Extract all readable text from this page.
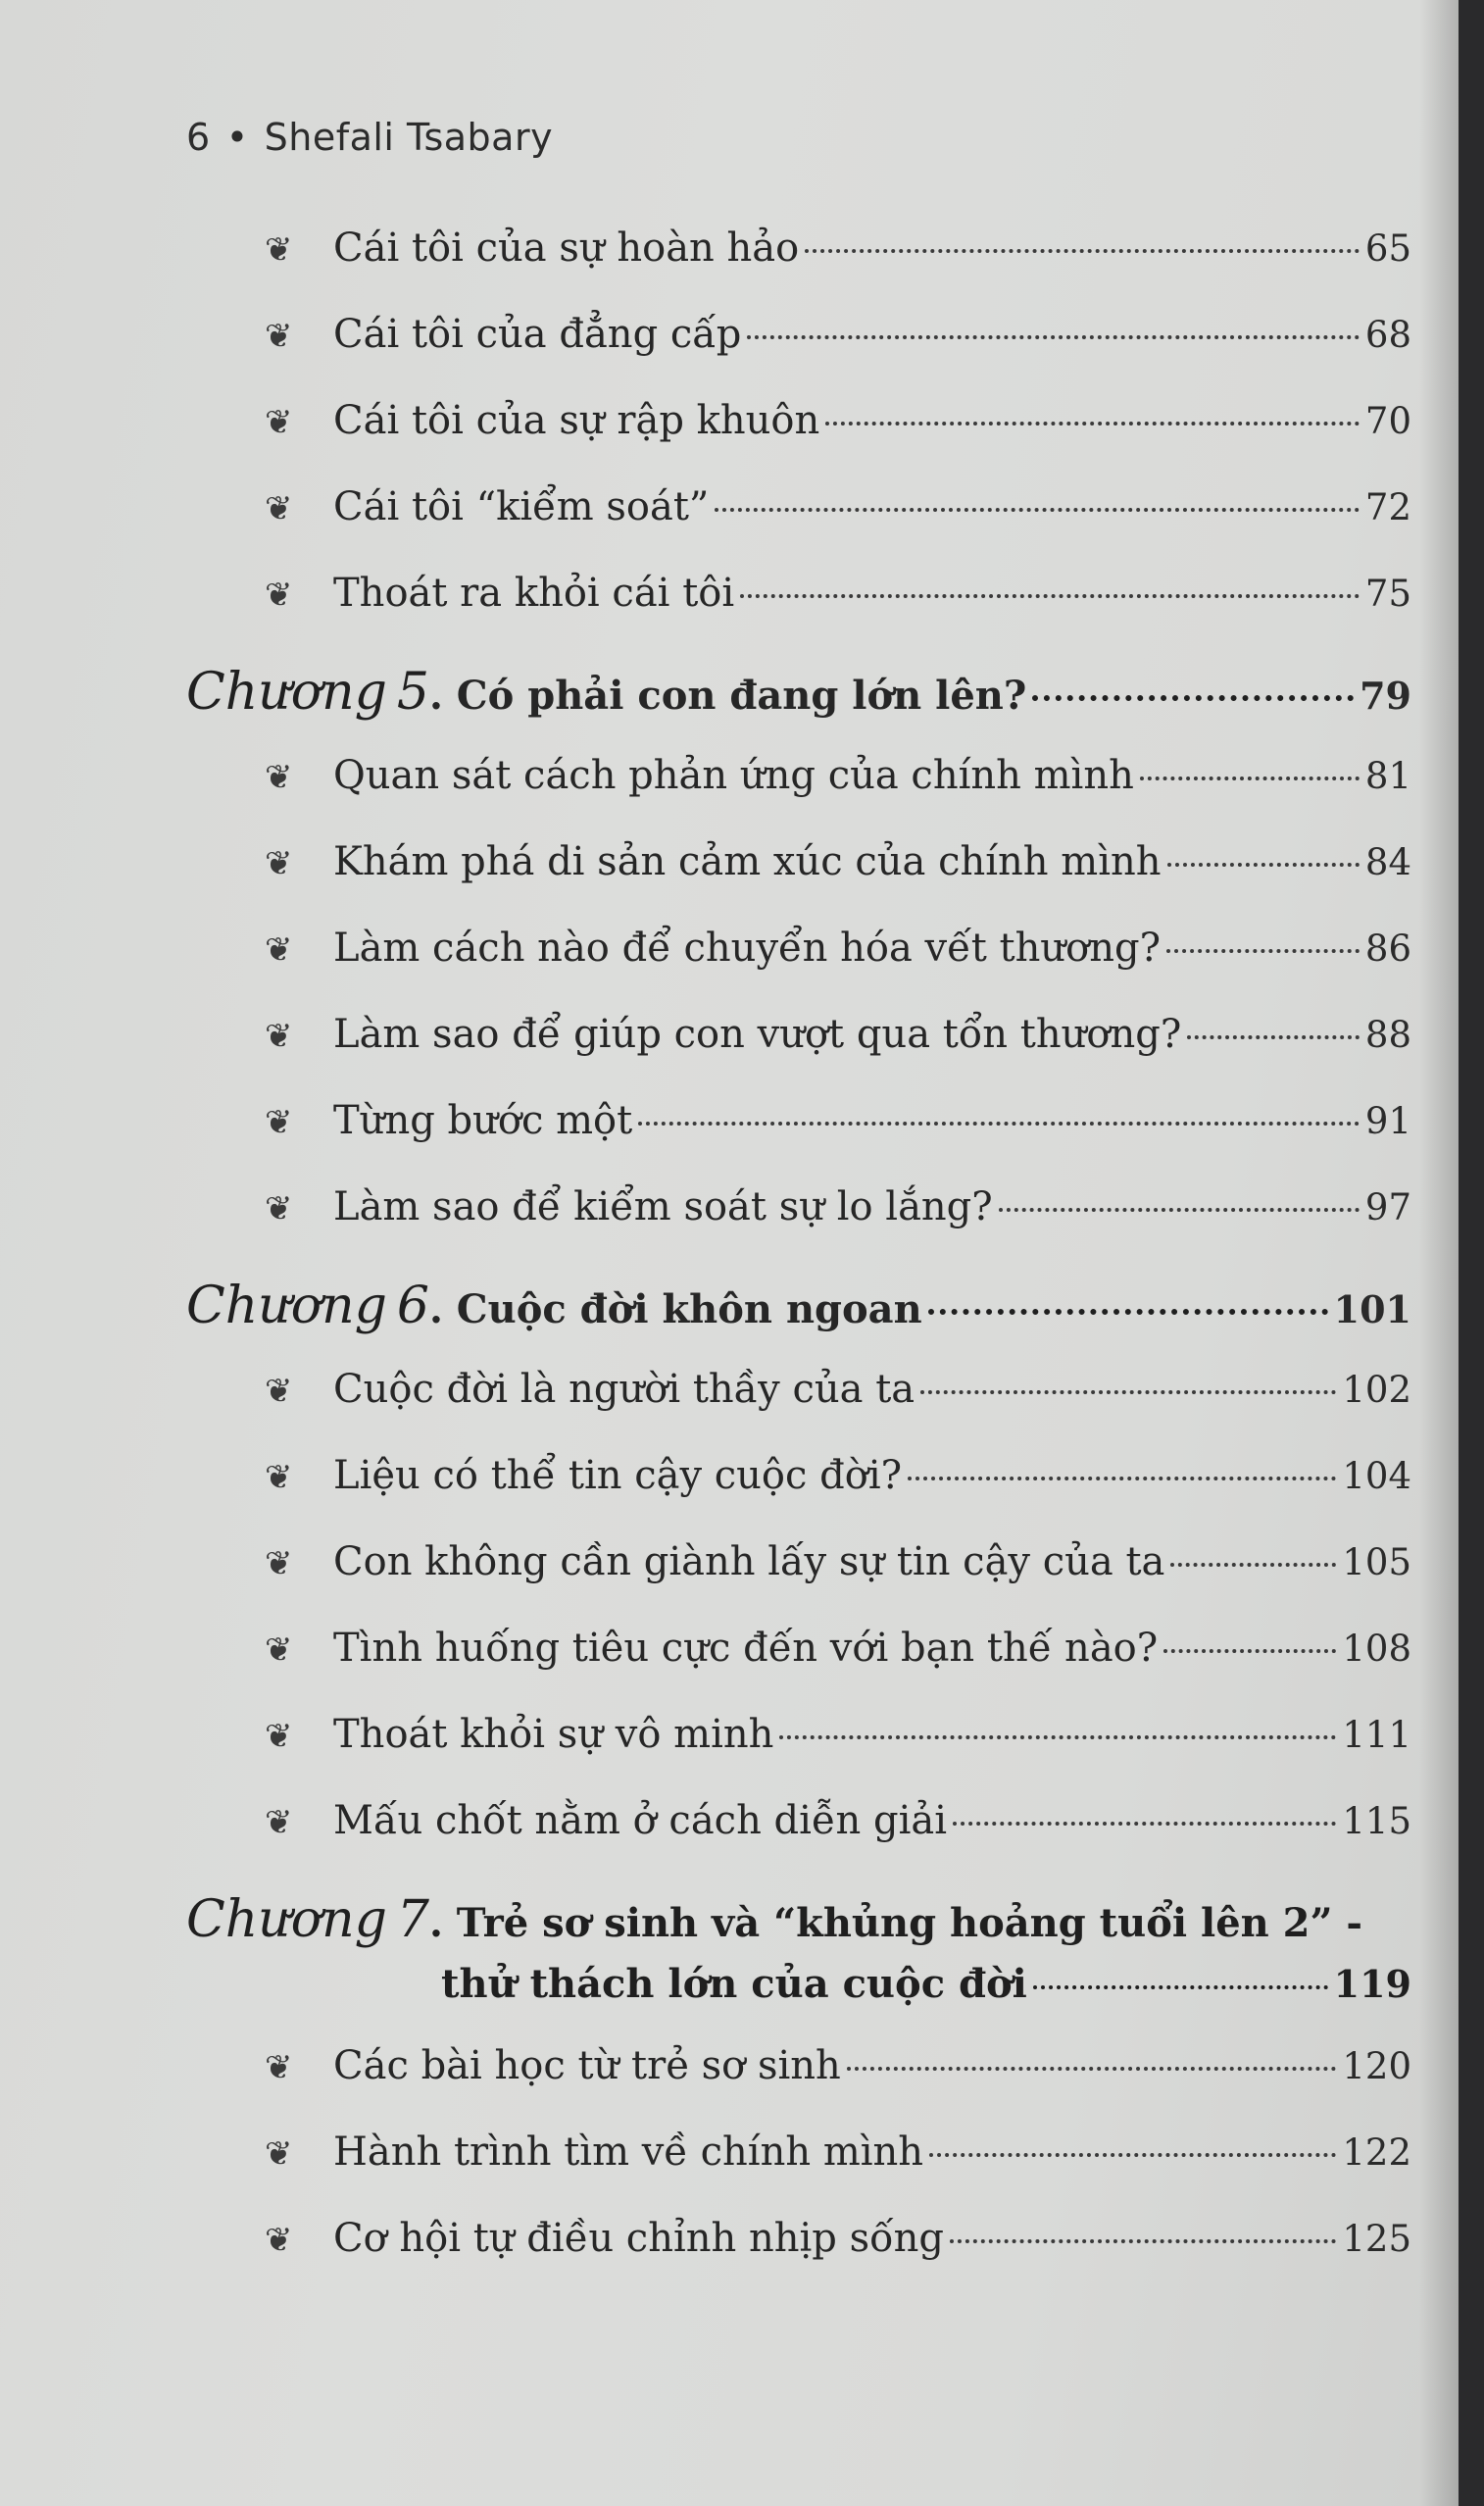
6 • Shefali Tsabary
❦	Cái tôi của sự hoàn hảo	65
❦	Cái tôi của đẳng cấp	68
❦	Cái tôi của sự rập khuôn	70
❦	Cái tôi “kiểm soát”	72
❦	Thoát ra khỏi cái tôi	75
Chương 5 . Có phải con đang lớn lên?	79
❦	Quan sát cách phản ứng của chính mình	81
❦	Khám phá di sản cảm xúc của chính mình	84
❦	Làm cách nào để chuyển hóa vết thương?	86
❦	Làm sao để giúp con vượt qua tổn thương?	88
❦	Từng bước một	91
❦	Làm sao để kiểm soát sự lo lắng?	97
Chương 6 . Cuộc đời khôn ngoan	101
❦	Cuộc đời là người thầy của ta	102
❦	Liệu có thể tin cậy cuộc đời?	104
❦	Con không cần giành lấy sự tin cậy của ta	105
❦	Tình huống tiêu cực đến với bạn thế nào?	108
❦	Thoát khỏi sự vô minh	111
❦	Mấu chốt nằm ở cách diễn giải	115
Chương 7 . Trẻ sơ sinh và “khủng hoảng tuổi lên 2” -
thử thách lớn của cuộc đời	119
❦	Các bài học từ trẻ sơ sinh	120
❦	Hành trình tìm về chính mình	122
❦	Cơ hội tự điều chỉnh nhịp sống	125
